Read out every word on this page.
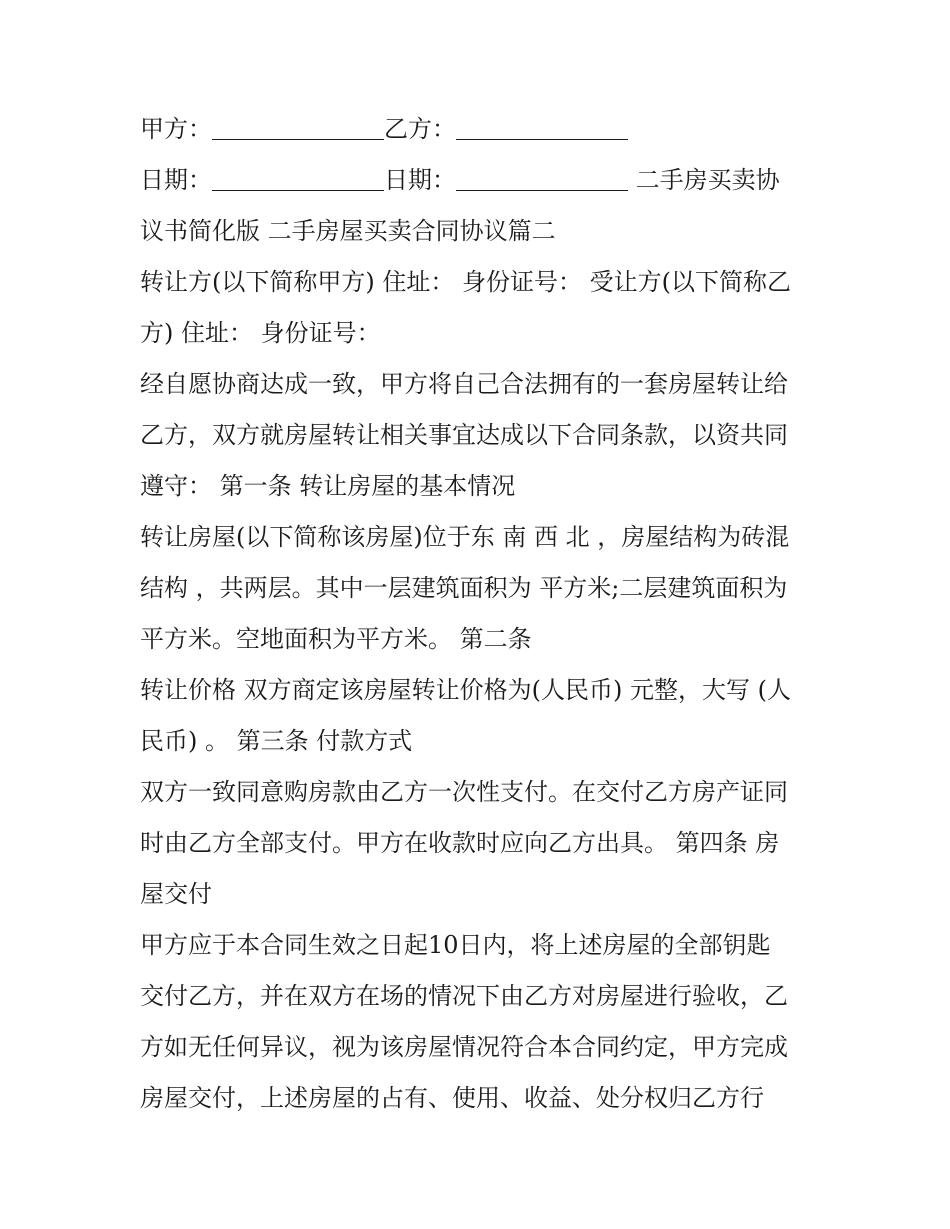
甲方：	乙方：

日期：	日期：	二手房买卖协

议书简化版 二手房屋买卖合同协议篇二

转让方(以下简称甲方) 住址： 身份证号： 受让方(以下简称乙

方) 住址： 身份证号：

经自愿协商达成一致，甲方将自己合法拥有的一套房屋转让给

乙方，双方就房屋转让相关事宜达成以下合同条款，以资共同

遵守： 第一条 转让房屋的基本情况

转让房屋(以下简称该房屋)位于东 南 西 北 ，房屋结构为砖混

结构 ，共两层。其中一层建筑面积为 平方米;二层建筑面积为

平方米。空地面积为平方米。 第二条

转让价格 双方商定该房屋转让价格为(人民币) 元整，大写 (人

民币) 。 第三条 付款方式

双方一致同意购房款由乙方一次性支付。在交付乙方房产证同

时由乙方全部支付。甲方在收款时应向乙方出具。 第四条 房

屋交付

甲方应于本合同生效之日起10日内，将上述房屋的全部钥匙

交付乙方，并在双方在场的情况下由乙方对房屋进行验收，乙

方如无任何异议，视为该房屋情况符合本合同约定，甲方完成

房屋交付，上述房屋的占有、使用、收益、处分权归乙方行
